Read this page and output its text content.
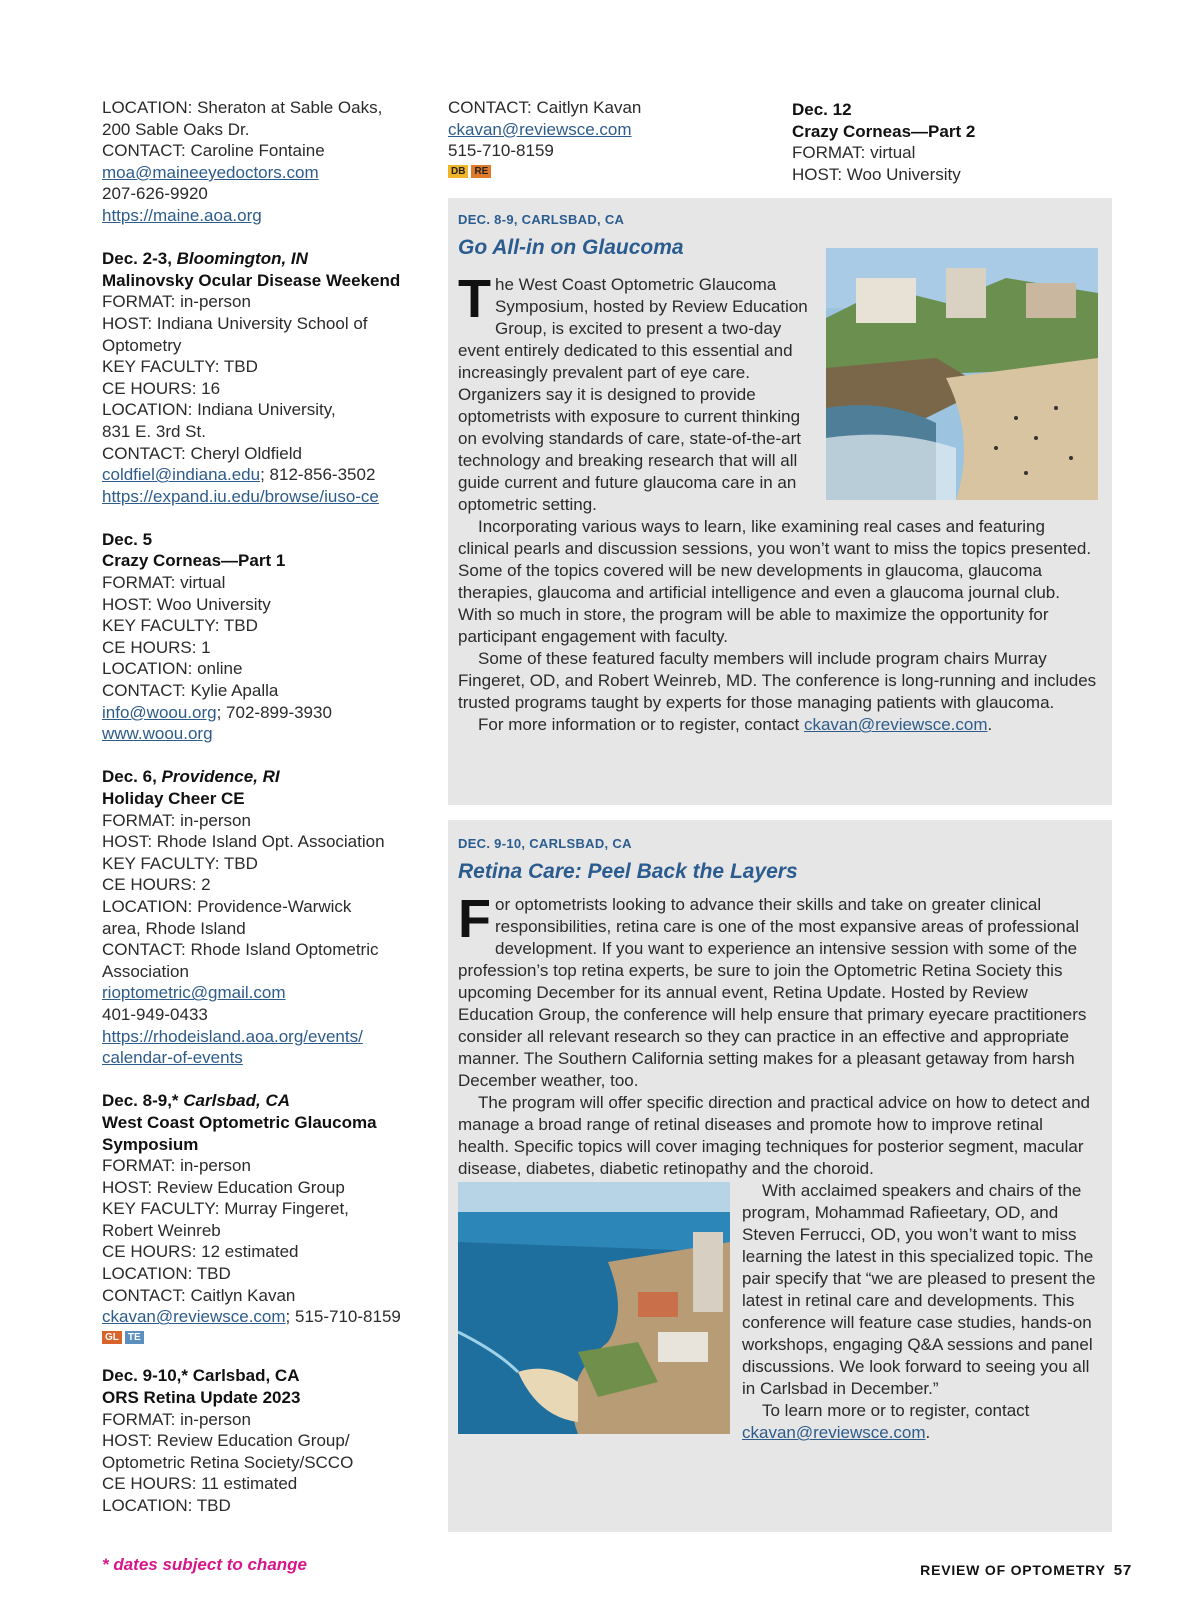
LOCATION: Sheraton at Sable Oaks,
200 Sable Oaks Dr.
CONTACT: Caroline Fontaine
moa@maineeyedoctors.com
207-626-9920
https://maine.aoa.org
Dec. 2-3, Bloomington, IN
Malinovsky Ocular Disease Weekend
FORMAT: in-person
HOST: Indiana University School of
Optometry
KEY FACULTY: TBD
CE HOURS: 16
LOCATION: Indiana University,
831 E. 3rd St.
CONTACT: Cheryl Oldfield
coldfiel@indiana.edu; 812-856-3502
https://expand.iu.edu/browse/iuso-ce
Dec. 5
Crazy Corneas—Part 1
FORMAT: virtual
HOST: Woo University
KEY FACULTY: TBD
CE HOURS: 1
LOCATION: online
CONTACT: Kylie Apalla
info@woou.org; 702-899-3930
www.woou.org
Dec. 6, Providence, RI
Holiday Cheer CE
FORMAT: in-person
HOST: Rhode Island Opt. Association
KEY FACULTY: TBD
CE HOURS: 2
LOCATION: Providence-Warwick
area, Rhode Island
CONTACT: Rhode Island Optometric
Association
rioptometric@gmail.com
401-949-0433
https://rhodeisland.aoa.org/events/
calendar-of-events
Dec. 8-9,* Carlsbad, CA
West Coast Optometric Glaucoma
Symposium
FORMAT: in-person
HOST: Review Education Group
KEY FACULTY: Murray Fingeret,
Robert Weinreb
CE HOURS: 12 estimated
LOCATION: TBD
CONTACT: Caitlyn Kavan
ckavan@reviewsce.com; 515-710-8159
GL TE
Dec. 9-10,* Carlsbad, CA
ORS Retina Update 2023
FORMAT: in-person
HOST: Review Education Group/
Optometric Retina Society/SCCO
CE HOURS: 11 estimated
LOCATION: TBD
CONTACT: Caitlyn Kavan
ckavan@reviewsce.com
515-710-8159
DB RE
Dec. 12
Crazy Corneas—Part 2
FORMAT: virtual
HOST: Woo University
DEC. 8-9, CARLSBAD, CA
Go All-in on Glaucoma

The West Coast Optometric Glaucoma Symposium, hosted by Review Education Group, is excited to present a two-day event entirely dedicated to this essential and increasingly prevalent part of eye care. Organizers say it is designed to provide optometrists with exposure to current thinking on evolving standards of care, state-of-the-art technology and breaking research that will all guide current and future glaucoma care in an optometric setting.

Incorporating various ways to learn, like examining real cases and featuring clinical pearls and discussion sessions, you won’t want to miss the topics presented. Some of the topics covered will be new developments in glaucoma, glaucoma therapies, glaucoma and artificial intelligence and even a glaucoma journal club. With so much in store, the program will be able to maximize the opportunity for participant engagement with faculty.

Some of these featured faculty members will include program chairs Murray Fingeret, OD, and Robert Weinreb, MD. The conference is long-running and includes trusted programs taught by experts for those managing patients with glaucoma.

For more information or to register, contact ckavan@reviewsce.com.

DEC. 9-10, CARLSBAD, CA
Retina Care: Peel Back the Layers

For optometrists looking to advance their skills and take on greater clinical responsibilities, retina care is one of the most expansive areas of professional development. If you want to experience an intensive session with some of the profession’s top retina experts, be sure to join the Optometric Retina Society this upcoming December for its annual event, Retina Update. Hosted by Review Education Group, the conference will help ensure that primary eyecare practitioners consider all relevant research so they can practice in an effective and appropriate manner. The Southern California setting makes for a pleasant getaway from harsh December weather, too.

The program will offer specific direction and practical advice on how to detect and manage a broad range of retinal diseases and promote how to improve retinal health. Specific topics will cover imaging techniques for posterior segment, macular disease, diabetes, diabetic retinopathy and the choroid.

With acclaimed speakers and chairs of the program, Mohammad Rafieetary, OD, and Steven Ferrucci, OD, you won’t want to miss learning the latest in this specialized topic. The pair specify that “we are pleased to present the latest in retinal care and developments. This conference will feature case studies, hands-on workshops, engaging Q&A sessions and panel discussions. We look forward to seeing you all in Carlsbad in December.”

To learn more or to register, contact ckavan@reviewsce.com.

* dates subject to change	REVIEW OF OPTOMETRY 57
